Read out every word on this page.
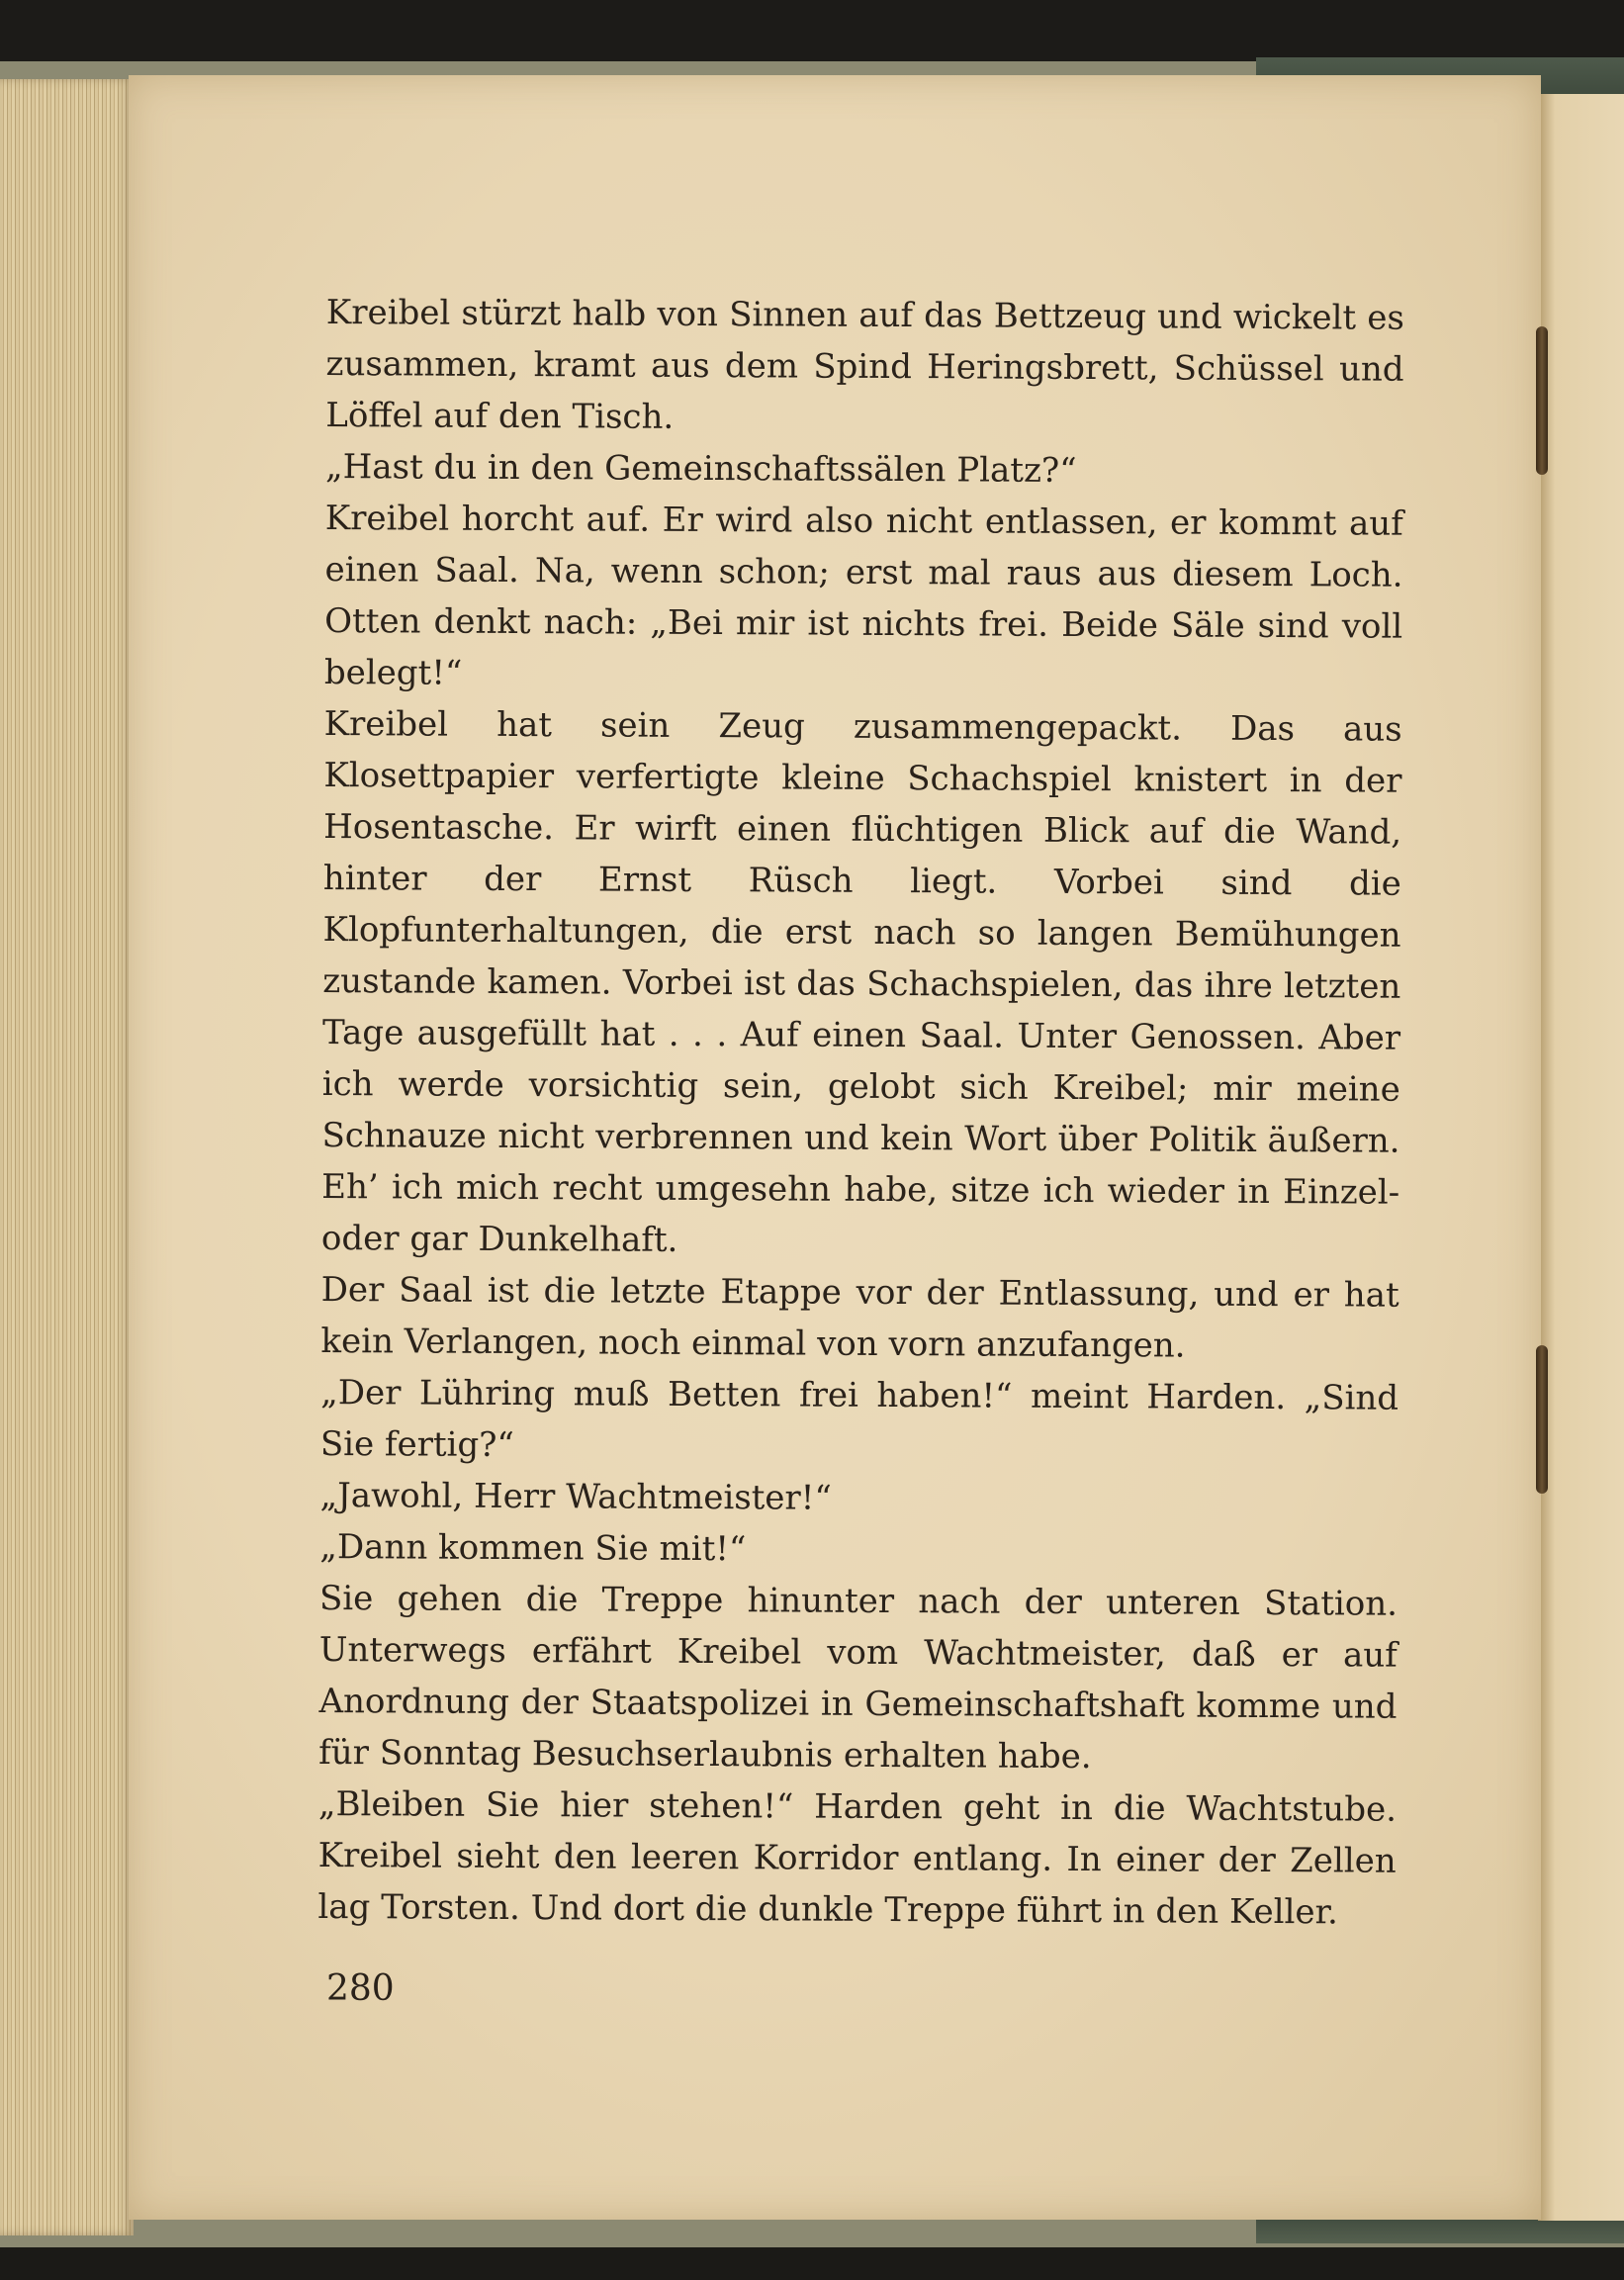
Kreibel stürzt halb von Sinnen auf das Bettzeug und wickelt es zusammen, kramt aus dem Spind Heringsbrett, Schüssel und Löffel auf den Tisch.

„Hast du in den Gemeinschaftssälen Platz?“

Kreibel horcht auf. Er wird also nicht entlassen, er kommt auf einen Saal. Na, wenn schon; erst mal raus aus diesem Loch. Otten denkt nach: „Bei mir ist nichts frei. Beide Säle sind voll belegt!“

Kreibel hat sein Zeug zusammengepackt. Das aus Klosettpapier verfertigte kleine Schachspiel knistert in der Hosentasche. Er wirft einen flüchtigen Blick auf die Wand, hinter der Ernst Rüsch liegt. Vorbei sind die Klopfunterhaltungen, die erst nach so langen Bemühungen zustande kamen. Vorbei ist das Schachspielen, das ihre letzten Tage ausgefüllt hat . . . Auf einen Saal. Unter Genossen. Aber ich werde vorsichtig sein, gelobt sich Kreibel; mir meine Schnauze nicht verbrennen und kein Wort über Politik äußern. Eh’ ich mich recht umgesehn habe, sitze ich wieder in Einzel- oder gar Dunkelhaft.

Der Saal ist die letzte Etappe vor der Entlassung, und er hat kein Verlangen, noch einmal von vorn anzufangen.

„Der Lühring muß Betten frei haben!“ meint Harden. „Sind Sie fertig?“

„Jawohl, Herr Wachtmeister!“

„Dann kommen Sie mit!“

Sie gehen die Treppe hinunter nach der unteren Station. Unterwegs erfährt Kreibel vom Wachtmeister, daß er auf Anordnung der Staatspolizei in Gemeinschaftshaft komme und für Sonntag Besuchserlaubnis erhalten habe.

„Bleiben Sie hier stehen!“ Harden geht in die Wachtstube. Kreibel sieht den leeren Korridor entlang. In einer der Zellen lag Torsten. Und dort die dunkle Treppe führt in den Keller.

280
